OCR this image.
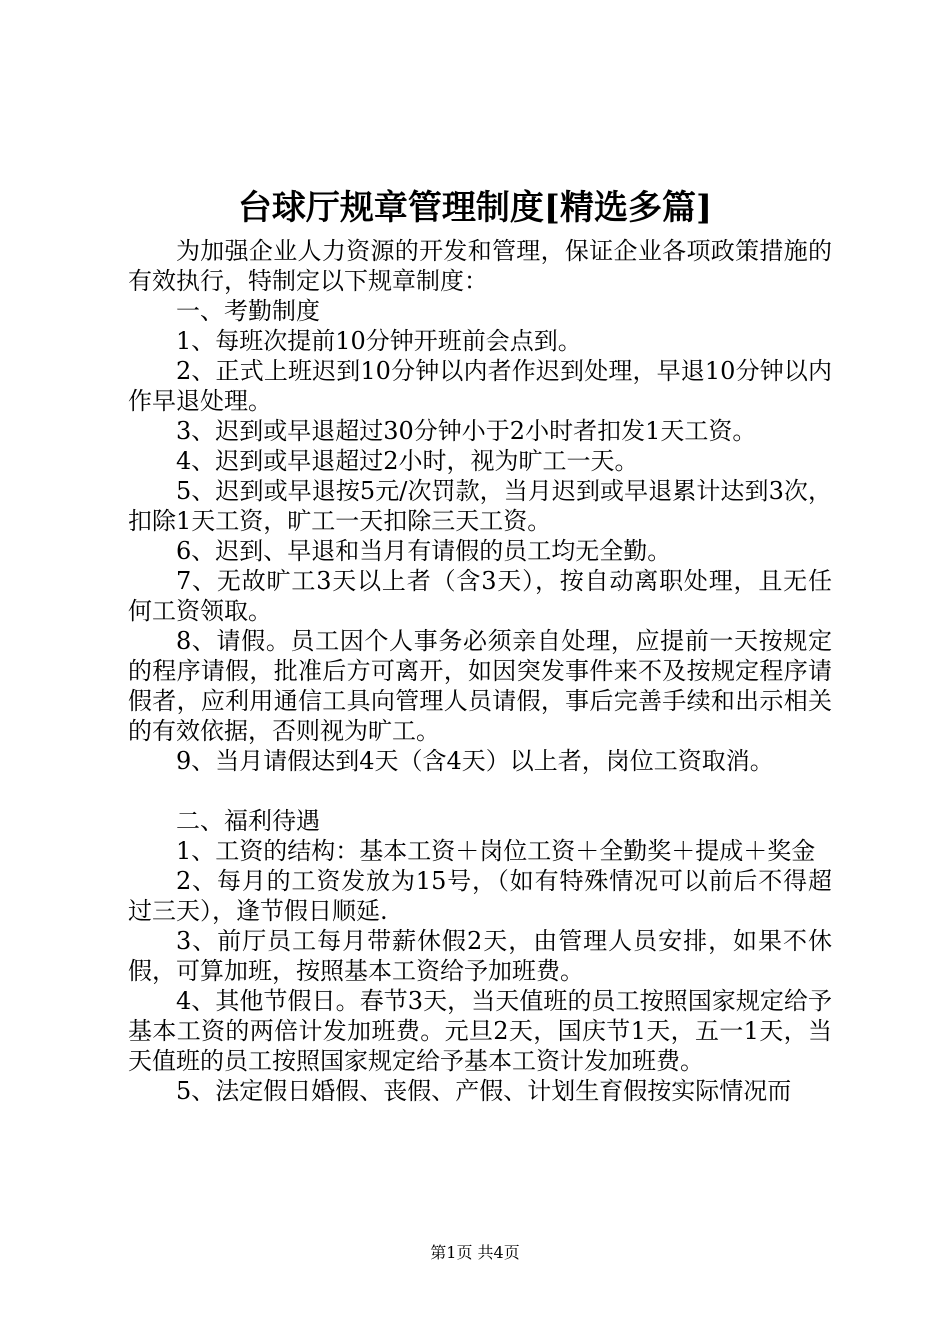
台球厅规章管理制度[精选多篇]

为加强企业人力资源的开发和管理，保证企业各项政策措施的有效执行，特制定以下规章制度：

一、考勤制度

1、每班次提前10分钟开班前会点到。

2、正式上班迟到10分钟以内者作迟到处理，早退10分钟以内作早退处理。

3、迟到或早退超过30分钟小于2小时者扣发1天工资。

4、迟到或早退超过2小时，视为旷工一天。

5、迟到或早退按5元/次罚款，当月迟到或早退累计达到3次，扣除1天工资，旷工一天扣除三天工资。

6、迟到、早退和当月有请假的员工均无全勤。

7、无故旷工3天以上者（含3天），按自动离职处理，且无任何工资领取。

8、请假。员工因个人事务必须亲自处理，应提前一天按规定的程序请假，批准后方可离开，如因突发事件来不及按规定程序请假者，应利用通信工具向管理人员请假，事后完善手续和出示相关的有效依据，否则视为旷工。

9、当月请假达到4天（含4天）以上者，岗位工资取消。

二、福利待遇

1、工资的结构：基本工资＋岗位工资＋全勤奖＋提成＋奖金

2、每月的工资发放为15号，（如有特殊情况可以前后不得超过三天），逢节假日顺延.

3、前厅员工每月带薪休假2天，由管理人员安排，如果不休假，可算加班，按照基本工资给予加班费。

4、其他节假日。春节3天，当天值班的员工按照国家规定给予基本工资的两倍计发加班费。元旦2天，国庆节1天，五一1天，当天值班的员工按照国家规定给予基本工资计发加班费。

5、法定假日婚假、丧假、产假、计划生育假按实际情况而

第1页 共4页
